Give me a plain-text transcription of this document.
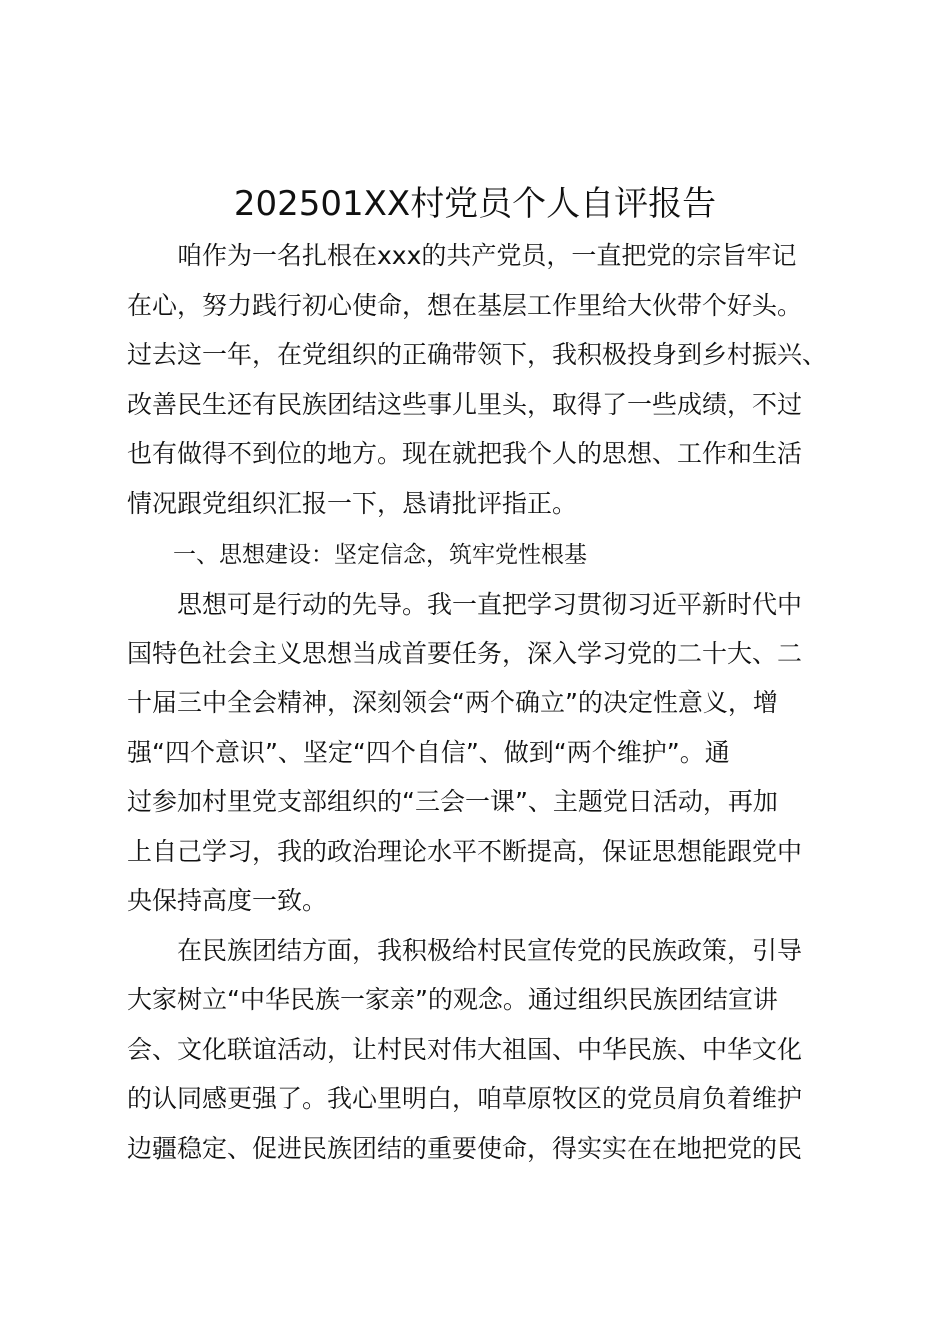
202501XX村党员个人自评报告
　　咱作为一名扎根在xxx的共产党员，一直把党的宗旨牢记
在心，努力践行初心使命，想在基层工作里给大伙带个好头。
过去这一年，在党组织的正确带领下，我积极投身到乡村振兴、
改善民生还有民族团结这些事儿里头，取得了一些成绩，不过
也有做得不到位的地方。现在就把我个人的思想、工作和生活
情况跟党组织汇报一下，恳请批评指正。
　　一、思想建设：坚定信念，筑牢党性根基
　　思想可是行动的先导。我一直把学习贯彻习近平新时代中
国特色社会主义思想当成首要任务，深入学习党的二十大、二
十届三中全会精神，深刻领会“两个确立”的决定性意义，增
强“四个意识”、坚定“四个自信”、做到“两个维护”。通
过参加村里党支部组织的“三会一课”、主题党日活动，再加
上自己学习，我的政治理论水平不断提高，保证思想能跟党中
央保持高度一致。
　　在民族团结方面，我积极给村民宣传党的民族政策，引导
大家树立“中华民族一家亲”的观念。通过组织民族团结宣讲
会、文化联谊活动，让村民对伟大祖国、中华民族、中华文化
的认同感更强了。我心里明白，咱草原牧区的党员肩负着维护
边疆稳定、促进民族团结的重要使命，得实实在在地把党的民
